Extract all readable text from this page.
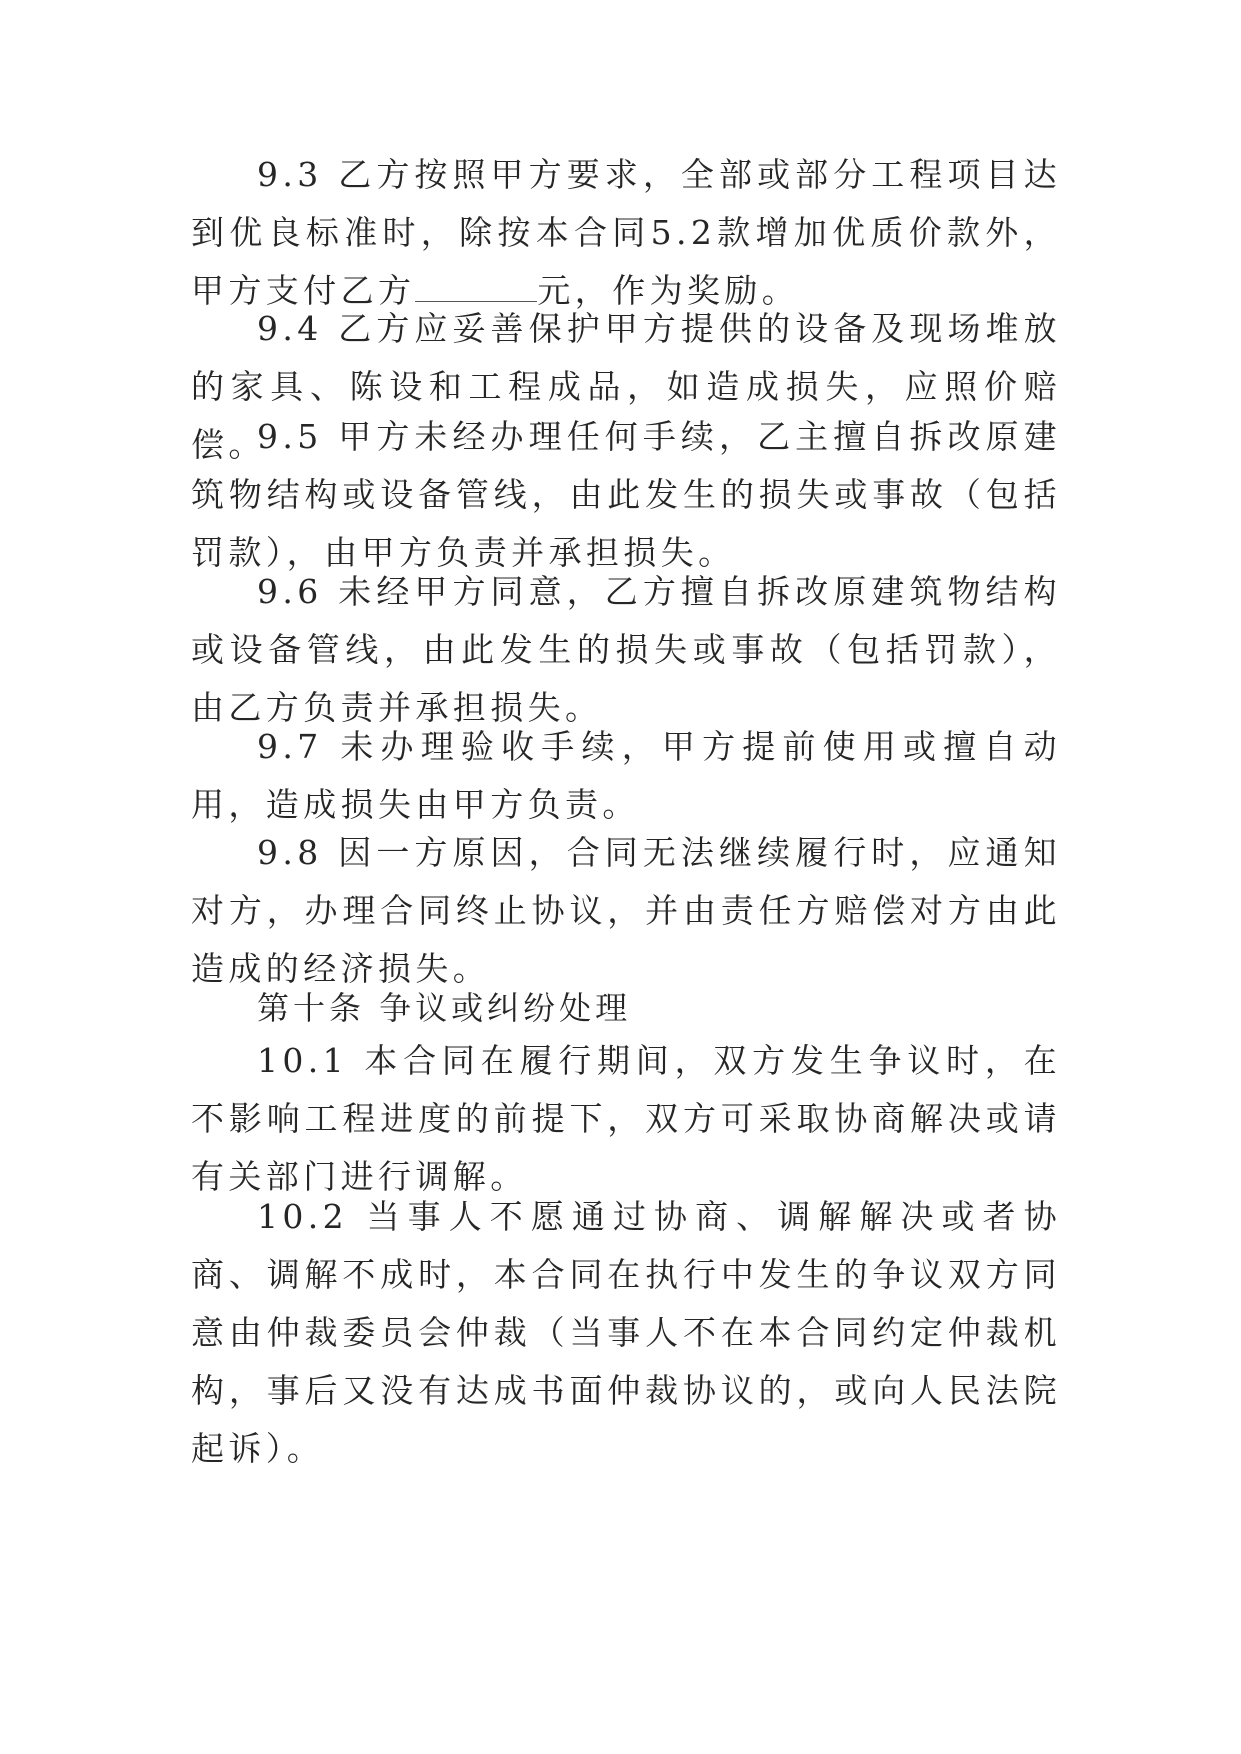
9.3 乙方按照甲方要求，全部或部分工程项目达到优良标准时，除按本合同5.2款增加优质价款外，甲方支付乙方	元，作为奖励。

9.4 乙方应妥善保护甲方提供的设备及现场堆放的家具、陈设和工程成品，如造成损失，应照价赔偿。

9.5 甲方未经办理任何手续，乙主擅自拆改原建筑物结构或设备管线，由此发生的损失或事故（包括罚款），由甲方负责并承担损失。

9.6 未经甲方同意，乙方擅自拆改原建筑物结构或设备管线，由此发生的损失或事故（包括罚款），由乙方负责并承担损失。

9.7 未办理验收手续，甲方提前使用或擅自动用，造成损失由甲方负责。

9.8 因一方原因，合同无法继续履行时，应通知对方，办理合同终止协议，并由责任方赔偿对方由此造成的经济损失。

第十条 争议或纠纷处理

10.1 本合同在履行期间，双方发生争议时，在不影响工程进度的前提下，双方可采取协商解决或请有关部门进行调解。

10.2 当事人不愿通过协商、调解解决或者协商、调解不成时，本合同在执行中发生的争议双方同意由仲裁委员会仲裁（当事人不在本合同约定仲裁机构，事后又没有达成书面仲裁协议的，或向人民法院起诉）。
